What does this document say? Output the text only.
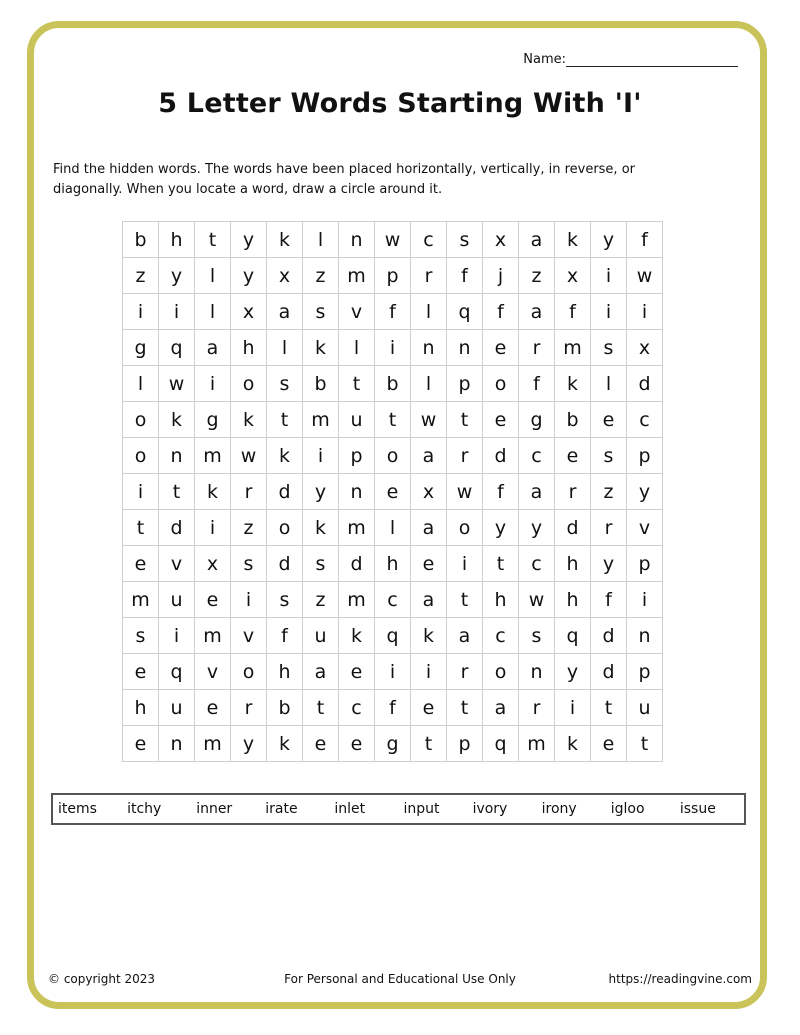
Name:
5 Letter Words Starting With 'I'
Find the hidden words. The words have been placed horizontally, vertically, in reverse, or diagonally. When you locate a word, draw a circle around it.
b	h	t	y	k	l	n	w	c	s	x	a	k	y	f
z	y	l	y	x	z	m	p	r	f	j	z	x	i	w
i	i	l	x	a	s	v	f	l	q	f	a	f	i	i
g	q	a	h	l	k	l	i	n	n	e	r	m	s	x
l	w	i	o	s	b	t	b	l	p	o	f	k	l	d
o	k	g	k	t	m	u	t	w	t	e	g	b	e	c
o	n	m	w	k	i	p	o	a	r	d	c	e	s	p
i	t	k	r	d	y	n	e	x	w	f	a	r	z	y
t	d	i	z	o	k	m	l	a	o	y	y	d	r	v
e	v	x	s	d	s	d	h	e	i	t	c	h	y	p
m	u	e	i	s	z	m	c	a	t	h	w	h	f	i
s	i	m	v	f	u	k	q	k	a	c	s	q	d	n
e	q	v	o	h	a	e	i	i	r	o	n	y	d	p
h	u	e	r	b	t	c	f	e	t	a	r	i	t	u
e	n	m	y	k	e	e	g	t	p	q	m	k	e	t
items	itchy	inner	irate	inlet	input	ivory	irony	igloo	issue
© copyright 2023	For Personal and Educational Use Only	https://readingvine.com
